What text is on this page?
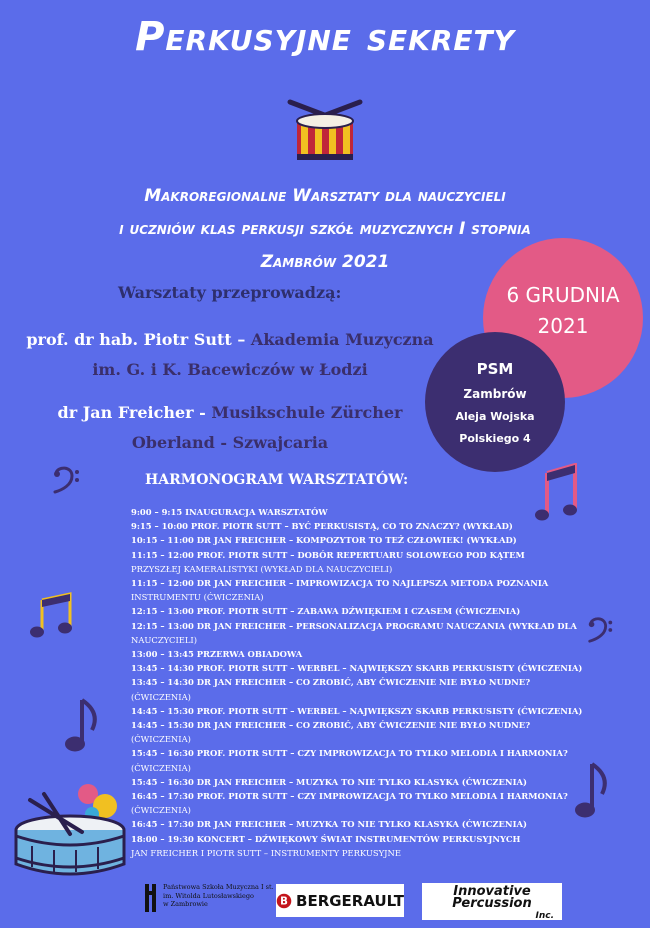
Perkusyjne sekrety
Makroregionalne Warsztaty dla nauczycieli
i uczniów klas perkusji szkół muzycznych I stopnia
Zambrów 2021
Warsztaty przeprowadzą:
prof. dr hab. Piotr Sutt – Akademia Muzyczna
im. G. i K. Bacewiczów w Łodzi
dr Jan Freicher - Musikschule Zürcher
Oberland - Szwajcaria
6 GRUDNIA
2021
PSM
Zambrów
Aleja Wojska Polskiego 4
HARMONOGRAM WARSZTATÓW:
9:00 – 9:15 INAUGURACJA WARSZTATÓW
9:15 – 10:00 PROF. PIOTR SUTT – BYĆ PERKUSISTĄ, CO TO ZNACZY? (WYKŁAD)
10:15 – 11:00 DR JAN FREICHER – KOMPOZYTOR TO TEŻ CZŁOWIEK! (WYKŁAD)
11:15 – 12:00 PROF. PIOTR SUTT – DOBÓR REPERTUARU SOLOWEGO POD KĄTEM
PRZYSZŁEJ KAMERALISTYKI (WYKŁAD DLA NAUCZYCIELI)
11:15 – 12:00 DR JAN FREICHER – IMPROWIZACJA TO NAJLEPSZA METODA POZNANIA
INSTRUMENTU (ĆWICZENIA)
12:15 – 13:00 PROF. PIOTR SUTT – ZABAWA DŹWIĘKIEM I CZASEM (ĆWICZENIA)
12:15 – 13:00 DR JAN FREICHER – PERSONALIZACJA PROGRAMU NAUCZANIA (WYKŁAD DLA
NAUCZYCIELI)
13:00 – 13:45 PRZERWA OBIADOWA
13:45 – 14:30 PROF. PIOTR SUTT – WERBEL – NAJWIĘKSZY SKARB PERKUSISTY (ĆWICZENIA)
13:45 – 14:30 DR JAN FREICHER – CO ZROBIĆ, ABY ĆWICZENIE NIE BYŁO NUDNE?
(ĆWICZENIA)
14:45 – 15:30 PROF. PIOTR SUTT – WERBEL – NAJWIĘKSZY SKARB PERKUSISTY (ĆWICZENIA)
14:45 – 15:30 DR JAN FREICHER – CO ZROBIĆ, ABY ĆWICZENIE NIE BYŁO NUDNE?
(ĆWICZENIA)
15:45 – 16:30 PROF. PIOTR SUTT – CZY IMPROWIZACJA TO TYLKO MELODIA I HARMONIA?
(ĆWICZENIA)
15:45 – 16:30 DR JAN FREICHER – MUZYKA TO NIE TYLKO KLASYKA (ĆWICZENIA)
16:45 – 17:30 PROF. PIOTR SUTT – CZY IMPROWIZACJA TO TYLKO MELODIA I HARMONIA?
(ĆWICZENIA)
16:45 – 17:30 DR JAN FREICHER – MUZYKA TO NIE TYLKO KLASYKA (ĆWICZENIA)
18:00 – 19:30 KONCERT – DŹWIĘKOWY ŚWIAT INSTRUMENTÓW PERKUSYJNYCH
JAN FREICHER I PIOTR SUTT – INSTRUMENTY PERKUSYJNE
Państwowa Szkoła Muzyczna I st.
im. Witolda Lutosławskiego
w Zambrowie	B BERGERAULT	Innovative
Percussion
Inc.
